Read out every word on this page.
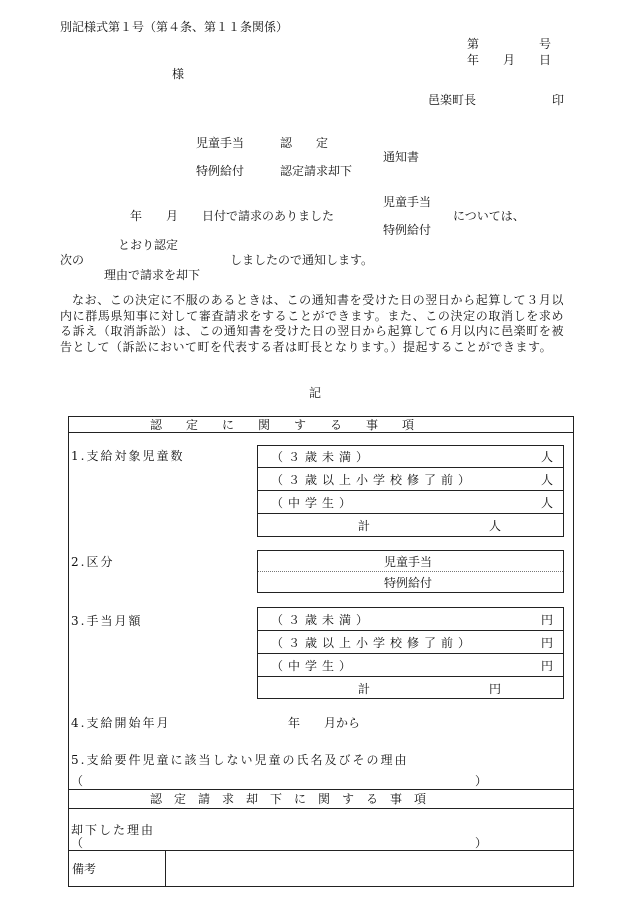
別記様式第１号（第４条、第１１条関係）
第　　　　　号
年　　月　　日
様
邑楽町長	印
児童手当　　　認　　定
通知書
特例給付　　　認定請求却下
児童手当
年　　月　　日付で請求のありました	については、
特例給付
とおり認定
次の	しましたので通知します。
理由で請求を却下
なお、この決定に不服のあるときは、この通知書を受けた日の翌日から起算して３月以内に群馬県知事に対して審査請求をすることができます。また、この決定の取消しを求める訴え（取消訴訟）は、この通知書を受けた日の翌日から起算して６月以内に邑楽町を被告として（訴訟において町を代表する者は町長となります。）提起することができます。
記
認　　定　　に　　関　　す　　る　　事　　項
1.支給対象児童数	（３歳未満）	人
（３歳以上小学校修了前）	人
（中学生）	人
計	人
2.区分	児童手当
特例給付
3.手当月額	（３歳未満）	円
（３歳以上小学校修了前）	円
（中学生）	円
計	円
4.支給開始年月	年　　月から
5.支給要件児童に該当しない児童の氏名及びその理由
（	）
認　定　請　求　却　下　に　関　す　る　事　項
却下した理由
（	）
備考
